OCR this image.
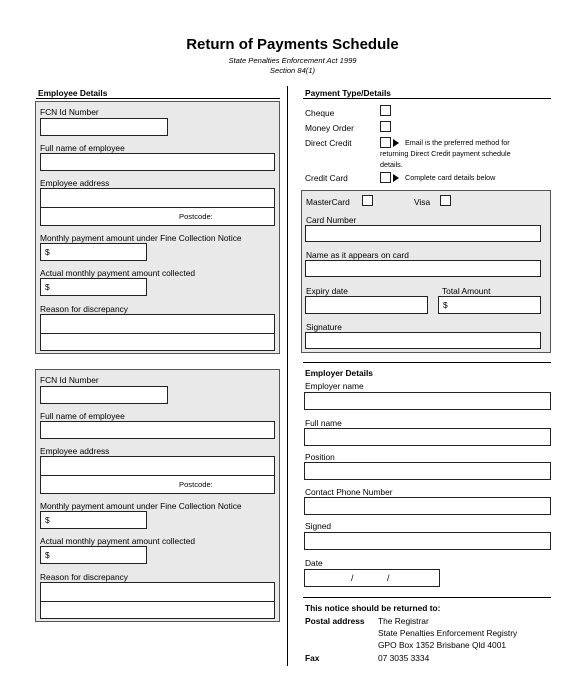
Return of Payments Schedule
State Penalties Enforcement Act 1999
Section 84(1)
Employee Details
FCN Id Number
Full name of employee
Employee address
Postcode:
Monthly payment amount under Fine Collection Notice
$
Actual monthly payment amount collected
$
Reason for discrepancy
FCN Id Number
Full name of employee
Employee address
Postcode:
Monthly payment amount under Fine Collection Notice
$
Actual monthly payment amount collected
$
Reason for discrepancy
Payment Type/Details
Cheque
Money Order
Direct Credit	Email is the preferred method for
returning Direct Credit payment schedule
details.
Credit Card	Complete card details below
MasterCard	Visa
Card Number
Name as it appears on card
Expiry date	Total Amount
$
Signature
Employer Details
Employer name
Full name
Position
Contact Phone Number
Signed
Date
/	/
This notice should be returned to:
Postal address The Registrar
State Penalties Enforcement Registry
GPO Box 1352 Brisbane Qld 4001
Fax	07 3035 3334
